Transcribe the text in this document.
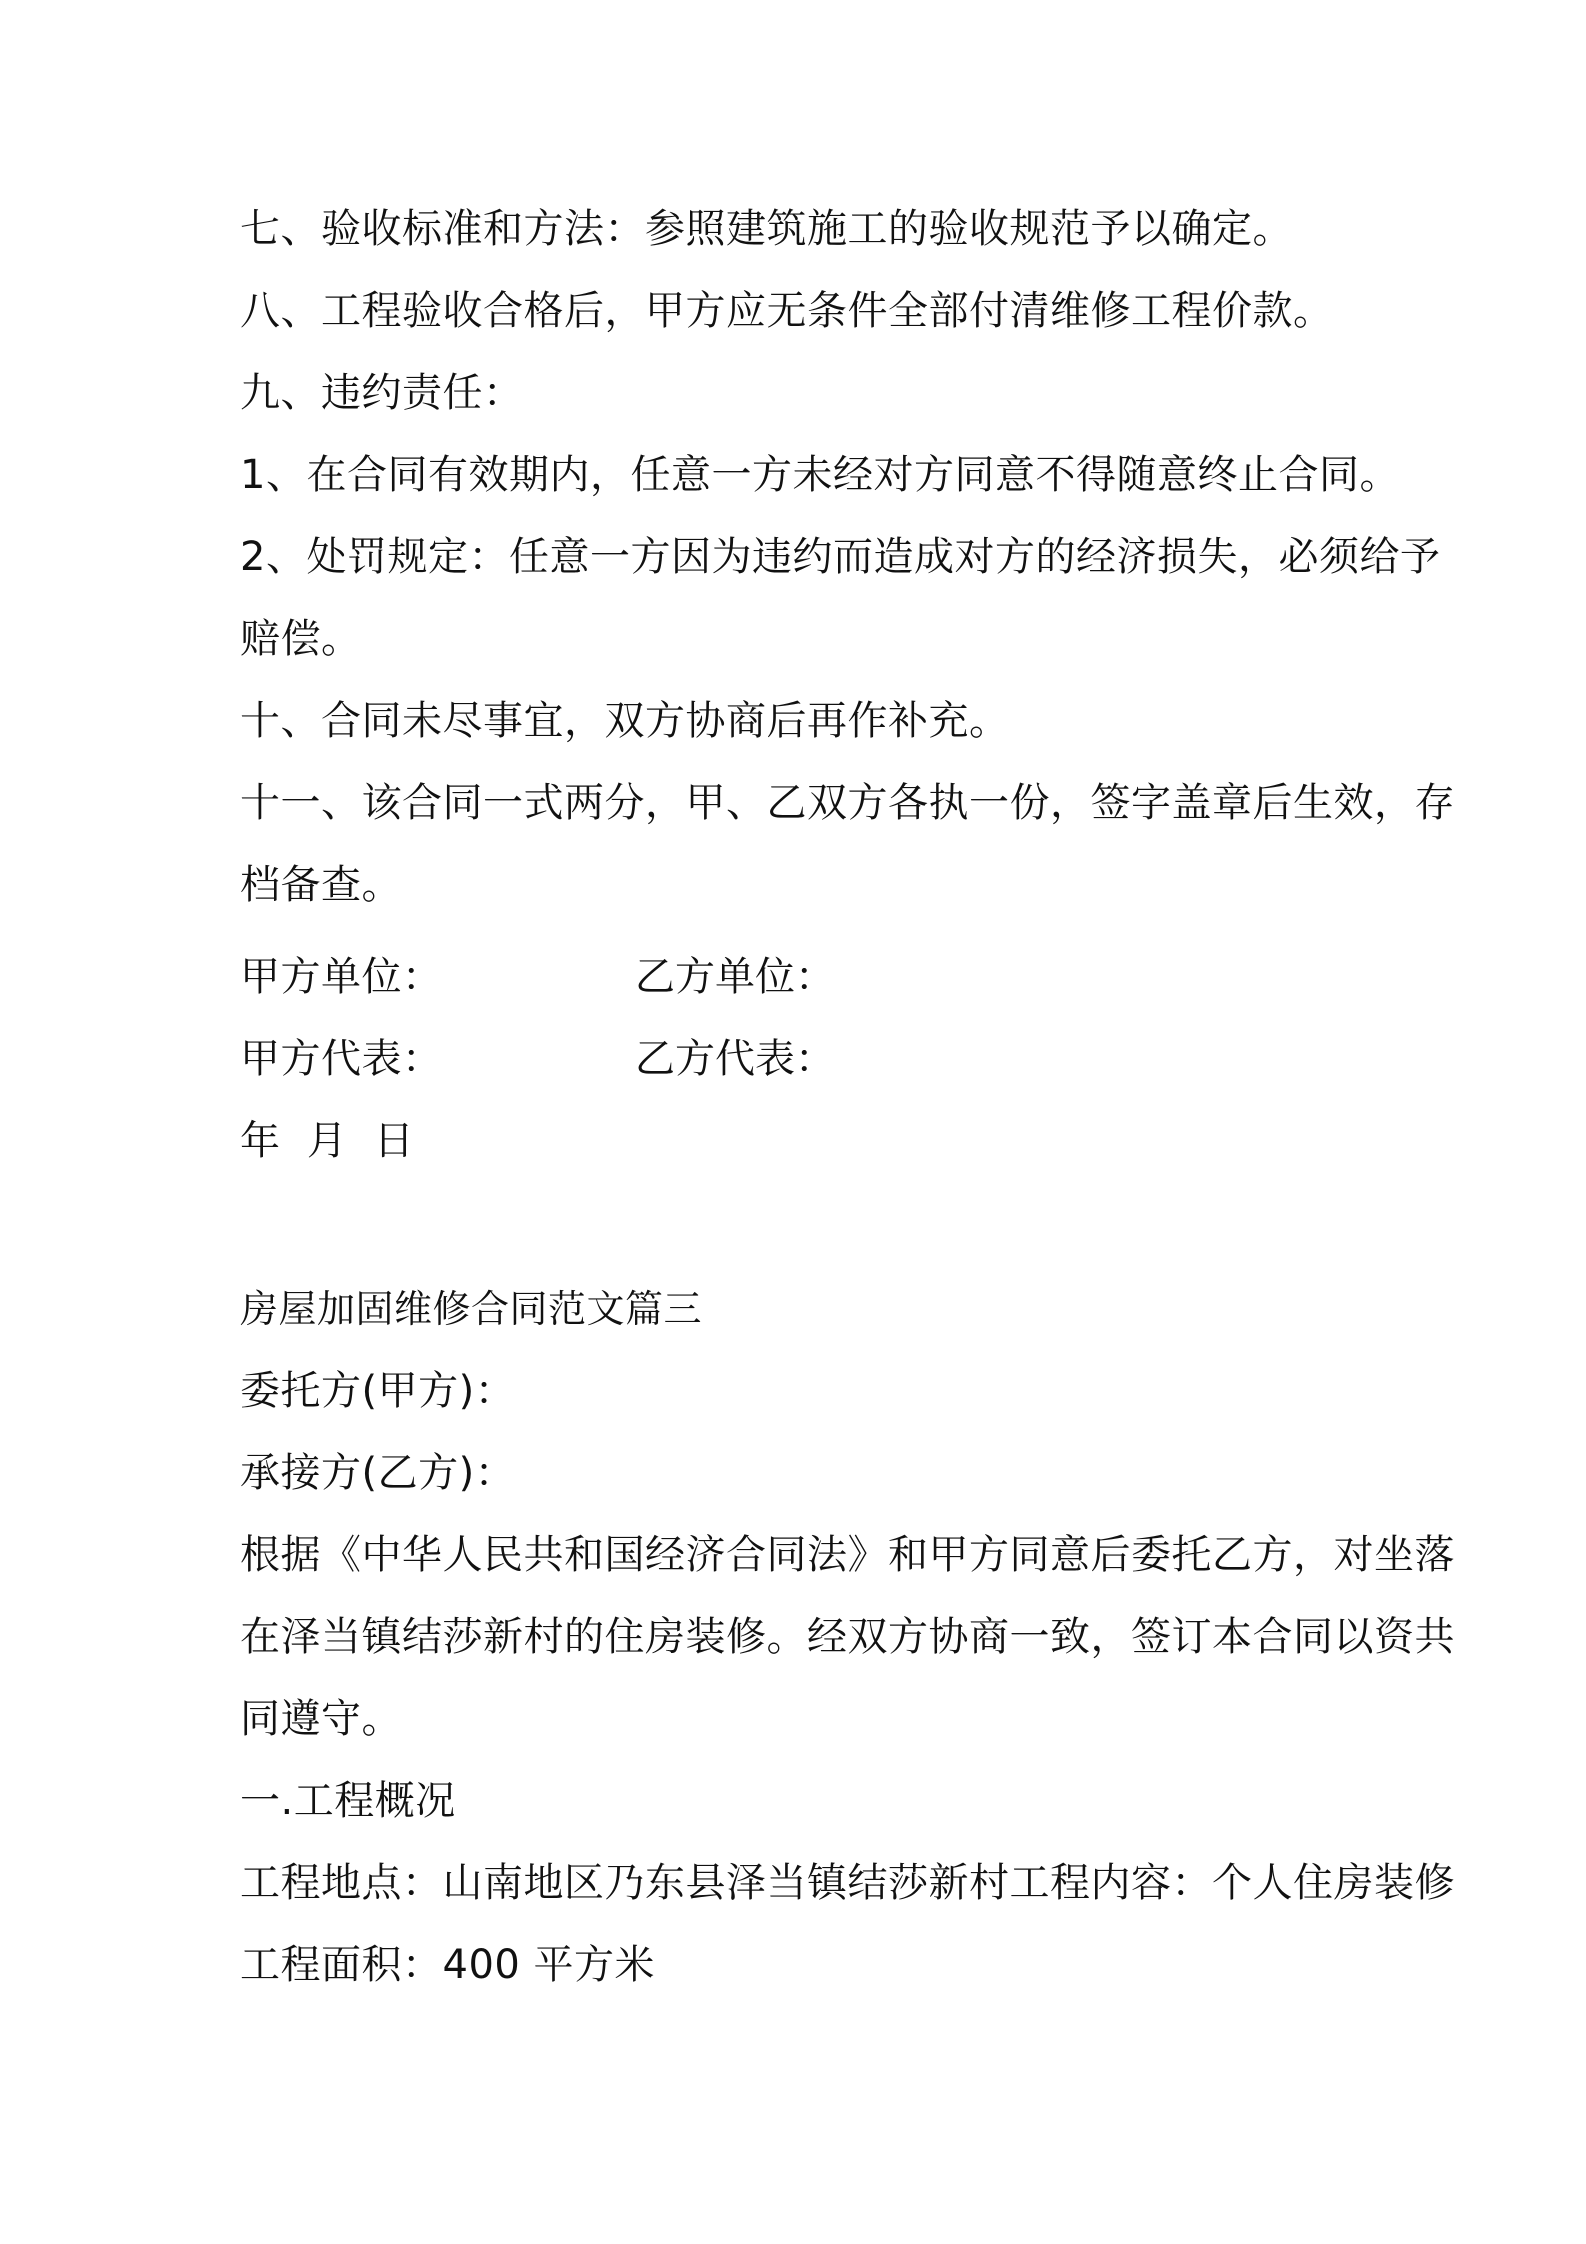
七、验收标准和方法：参照建筑施工的验收规范予以确定。
八、工程验收合格后，甲方应无条件全部付清维修工程价款。
九、违约责任：
1、在合同有效期内，任意一方未经对方同意不得随意终止合同。
2、处罚规定：任意一方因为违约而造成对方的经济损失，必须给予
赔偿。
十、合同未尽事宜，双方协商后再作补充。
十一、该合同一式两分，甲、乙双方各执一份，签字盖章后生效，存
档备查。
甲方单位：	乙方单位：
甲方代表：	乙方代表：
年  月  日
房屋加固维修合同范文篇三
委托方(甲方)：
承接方(乙方)：
根据《中华人民共和国经济合同法》和甲方同意后委托乙方，对坐落
在泽当镇结莎新村的住房装修。经双方协商一致，签订本合同以资共
同遵守。
一.工程概况
工程地点：山南地区乃东县泽当镇结莎新村工程内容：个人住房装修
工程面积：400 平方米
